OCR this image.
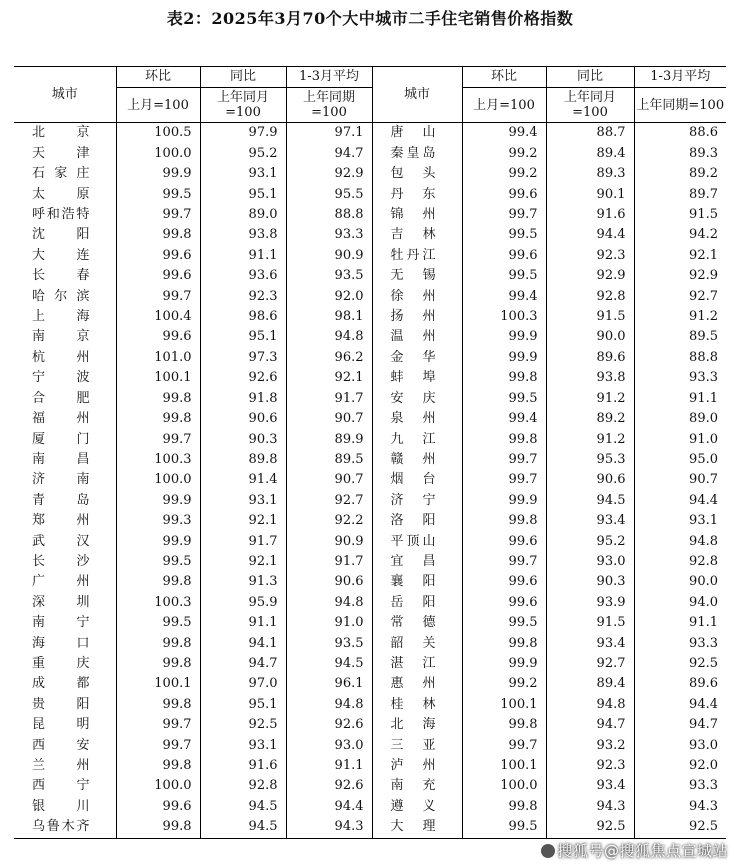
表2：2025年3月70个大中城市二手住宅销售价格指数
城市	环比	同比	1-3月平均	城市	环比	同比	1-3月平均
	上月=100	上年同月=100	上年同期=100		上月=100	上年同月=100	上年同期=100
北京	100.5	97.9	97.1	唐山	99.4	88.7	88.6
天津	100.0	95.2	94.7	秦皇岛	99.2	89.4	89.3
石家庄	99.9	93.1	92.9	包头	99.2	89.3	89.2
太原	99.5	95.1	95.5	丹东	99.6	90.1	89.7
呼和浩特	99.7	89.0	88.8	锦州	99.7	91.6	91.5
沈阳	99.8	93.8	93.3	吉林	99.5	94.4	94.2
大连	99.6	91.1	90.9	牡丹江	99.6	92.3	92.1
长春	99.6	93.6	93.5	无锡	99.5	92.9	92.9
哈尔滨	99.7	92.3	92.0	徐州	99.4	92.8	92.7
上海	100.4	98.6	98.1	扬州	100.3	91.5	91.2
南京	99.6	95.1	94.8	温州	99.9	90.0	89.5
杭州	101.0	97.3	96.2	金华	99.9	89.6	88.8
宁波	100.1	92.6	92.1	蚌埠	99.8	93.8	93.3
合肥	99.8	91.8	91.7	安庆	99.5	91.2	91.1
福州	99.8	90.6	90.7	泉州	99.4	89.2	89.0
厦门	99.7	90.3	89.9	九江	99.8	91.2	91.0
南昌	100.3	89.8	89.5	赣州	99.7	95.3	95.0
济南	100.0	91.4	90.7	烟台	99.7	90.6	90.7
青岛	99.9	93.1	92.7	济宁	99.9	94.5	94.4
郑州	99.3	92.1	92.2	洛阳	99.8	93.4	93.1
武汉	99.9	91.7	90.9	平顶山	99.6	95.2	94.8
长沙	99.5	92.1	91.7	宜昌	99.7	93.0	92.8
广州	99.8	91.3	90.6	襄阳	99.6	90.3	90.0
深圳	100.3	95.9	94.8	岳阳	99.6	93.9	94.0
南宁	99.5	91.1	91.0	常德	99.5	91.5	91.1
海口	99.8	94.1	93.5	韶关	99.8	93.4	93.3
重庆	99.8	94.7	94.5	湛江	99.9	92.7	92.5
成都	100.1	97.0	96.1	惠州	99.2	89.4	89.6
贵阳	99.8	95.1	94.8	桂林	100.1	94.8	94.4
昆明	99.7	92.5	92.6	北海	99.8	94.7	94.7
西安	99.7	93.1	93.0	三亚	99.7	93.2	93.0
兰州	99.8	91.6	91.1	泸州	100.1	92.3	92.0
西宁	100.0	92.8	92.6	南充	100.0	93.4	93.3
银川	99.6	94.5	94.4	遵义	99.8	94.3	94.3
乌鲁木齐	99.8	94.5	94.3	大理	99.5	92.5	92.5
搜狐号@搜狐焦点宣城站
